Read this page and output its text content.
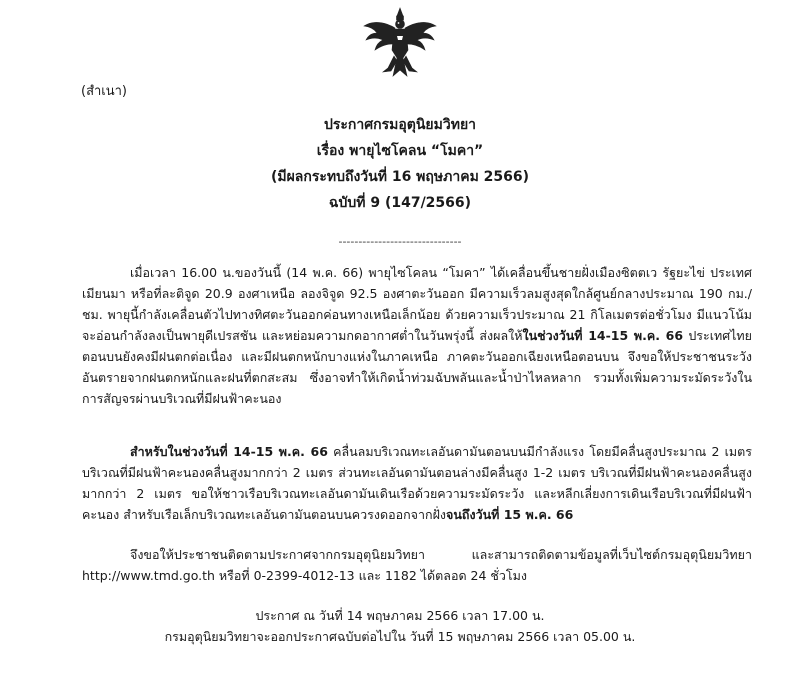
(สำเนา)
ประกาศกรมอุตุนิยมวิทยา
เรื่อง พายุไซโคลน “โมคา”
(มีผลกระทบถึงวันที่ 16 พฤษภาคม 2566)
ฉบับที่ 9 (147/2566)
-------------------------------
เมื่อเวลา 16.00 น.ของวันนี้ (14 พ.ค. 66) พายุไซโคลน “โมคา” ได้เคลื่อนขึ้นชายฝั่งเมืองซิตตเว รัฐยะไข่ ประเทศเมียนมา หรือที่ละติจูด 20.9 องศาเหนือ ลองจิจูด 92.5 องศาตะวันออก มีความเร็วลมสูงสุดใกล้ศูนย์กลางประมาณ 190 กม./ชม. พายุนี้กำลังเคลื่อนตัวไปทางทิศตะวันออกค่อนทางเหนือเล็กน้อย ด้วยความเร็วประมาณ 21 กิโลเมตรต่อชั่วโมง มีแนวโน้มจะอ่อนกำลังลงเป็นพายุดีเปรสชัน และหย่อมความกดอากาศต่ำในวันพรุ่งนี้ ส่งผลให้ในช่วงวันที่ 14-15 พ.ค. 66 ประเทศไทยตอนบนยังคงมีฝนตกต่อเนื่อง และมีฝนตกหนักบางแห่งในภาคเหนือ ภาคตะวันออกเฉียงเหนือตอนบน จึงขอให้ประชาชนระวังอันตรายจากฝนตกหนักและฝนที่ตกสะสม ซึ่งอาจทำให้เกิดน้ำท่วมฉับพลันและน้ำป่าไหลหลาก รวมทั้งเพิ่มความระมัดระวังในการสัญจรผ่านบริเวณที่มีฝนฟ้าคะนอง
สำหรับในช่วงวันที่ 14-15 พ.ค. 66 คลื่นลมบริเวณทะเลอันดามันตอนบนมีกำลังแรง โดยมีคลื่นสูงประมาณ 2 เมตร บริเวณที่มีฝนฟ้าคะนองคลื่นสูงมากกว่า 2 เมตร ส่วนทะเลอันดามันตอนล่างมีคลื่นสูง 1-2 เมตร บริเวณที่มีฝนฟ้าคะนองคลื่นสูงมากกว่า 2 เมตร ขอให้ชาวเรือบริเวณทะเลอันดามันเดินเรือด้วยความระมัดระวัง และหลีกเลี่ยงการเดินเรือบริเวณที่มีฝนฟ้าคะนอง สำหรับเรือเล็กบริเวณทะเลอันดามันตอนบนควรงดออกจากฝั่งจนถึงวันที่ 15 พ.ค. 66
จึงขอให้ประชาชนติดตามประกาศจากกรมอุตุนิยมวิทยา และสามารถติดตามข้อมูลที่เว็บไซต์กรมอุตุนิยมวิทยา http://www.tmd.go.th หรือที่ 0-2399-4012-13 และ 1182 ได้ตลอด 24 ชั่วโมง
ประกาศ ณ วันที่ 14 พฤษภาคม 2566 เวลา 17.00 น.
กรมอุตุนิยมวิทยาจะออกประกาศฉบับต่อไปใน วันที่ 15 พฤษภาคม 2566 เวลา 05.00 น.
